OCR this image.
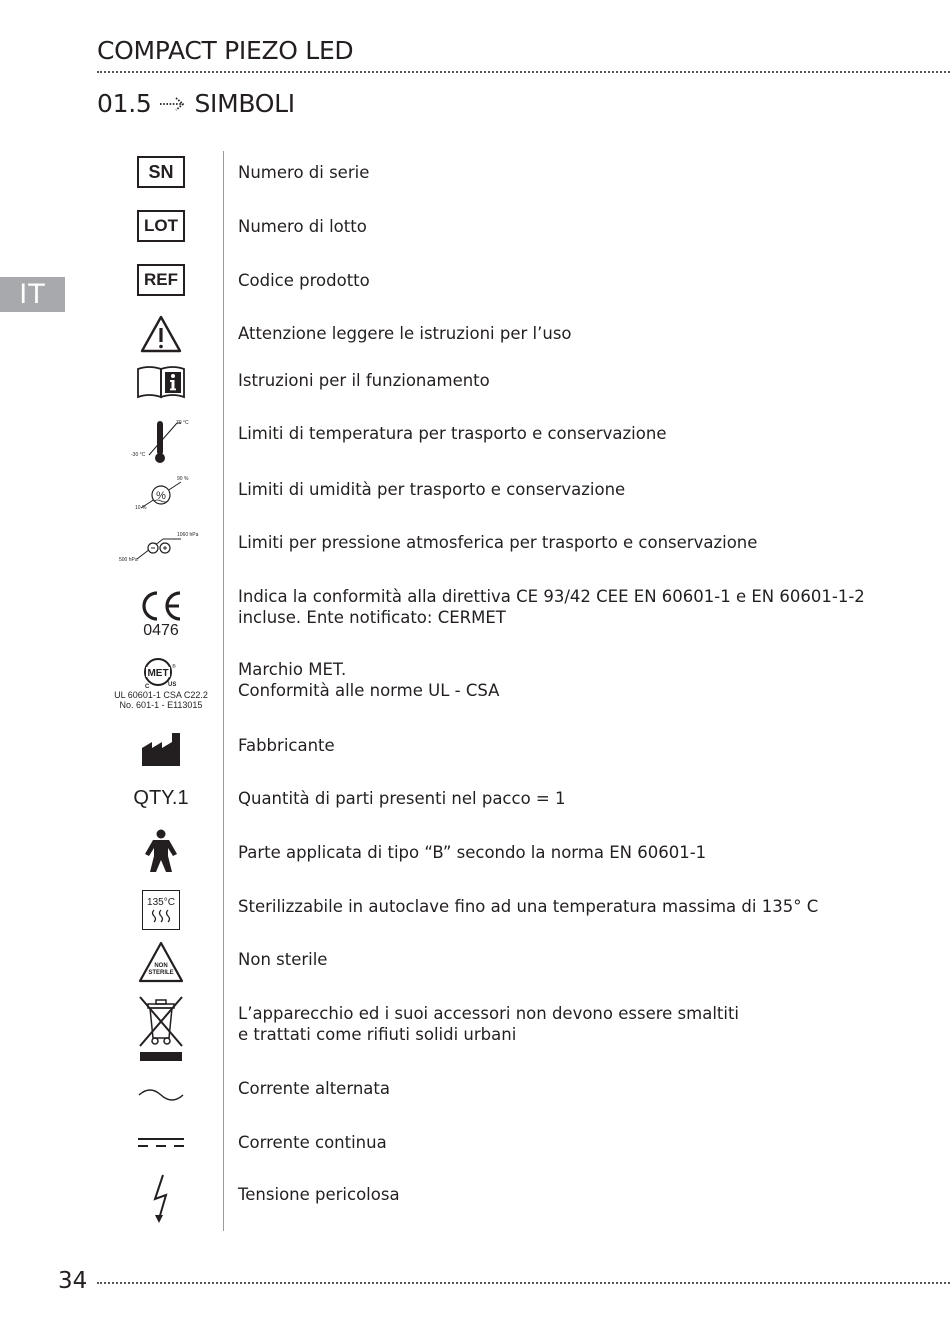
COMPACT PIEZO LED
01.5 SIMBOLI
IT
SN	Numero di serie
LOT	Numero di lotto
REF	Codice prodotto
Attenzione leggere le istruzioni per l’uso
Istruzioni per il funzionamento
70 °C
-30 °C
Limiti di temperatura per trasporto e conservazione
%
90 %
10 %
Limiti di umidità per trasporto e conservazione
1060 hPa
500 hPa
Limiti per pressione atmosferica per trasporto e conservazione
0476
Indica la conformità alla direttiva CE 93/42 CEE EN 60601-1 e EN 60601-1-2
incluse. Ente notificato: CERMET
MET
C	US
®
UL 60601-1 CSA C22.2
No. 601-1 - E113015
Marchio MET.
Conformità alle norme UL - CSA
Fabbricante
QTY.1	Quantità di parti presenti nel pacco = 1
Parte applicata di tipo “B” secondo la norma EN 60601-1
135°C	Sterilizzabile in autoclave fino ad una temperatura massima di 135° C
NON
STERILE
Non sterile
L’apparecchio ed i suoi accessori non devono essere smaltiti
e trattati come rifiuti solidi urbani
Corrente alternata
Corrente continua
Tensione pericolosa
34
